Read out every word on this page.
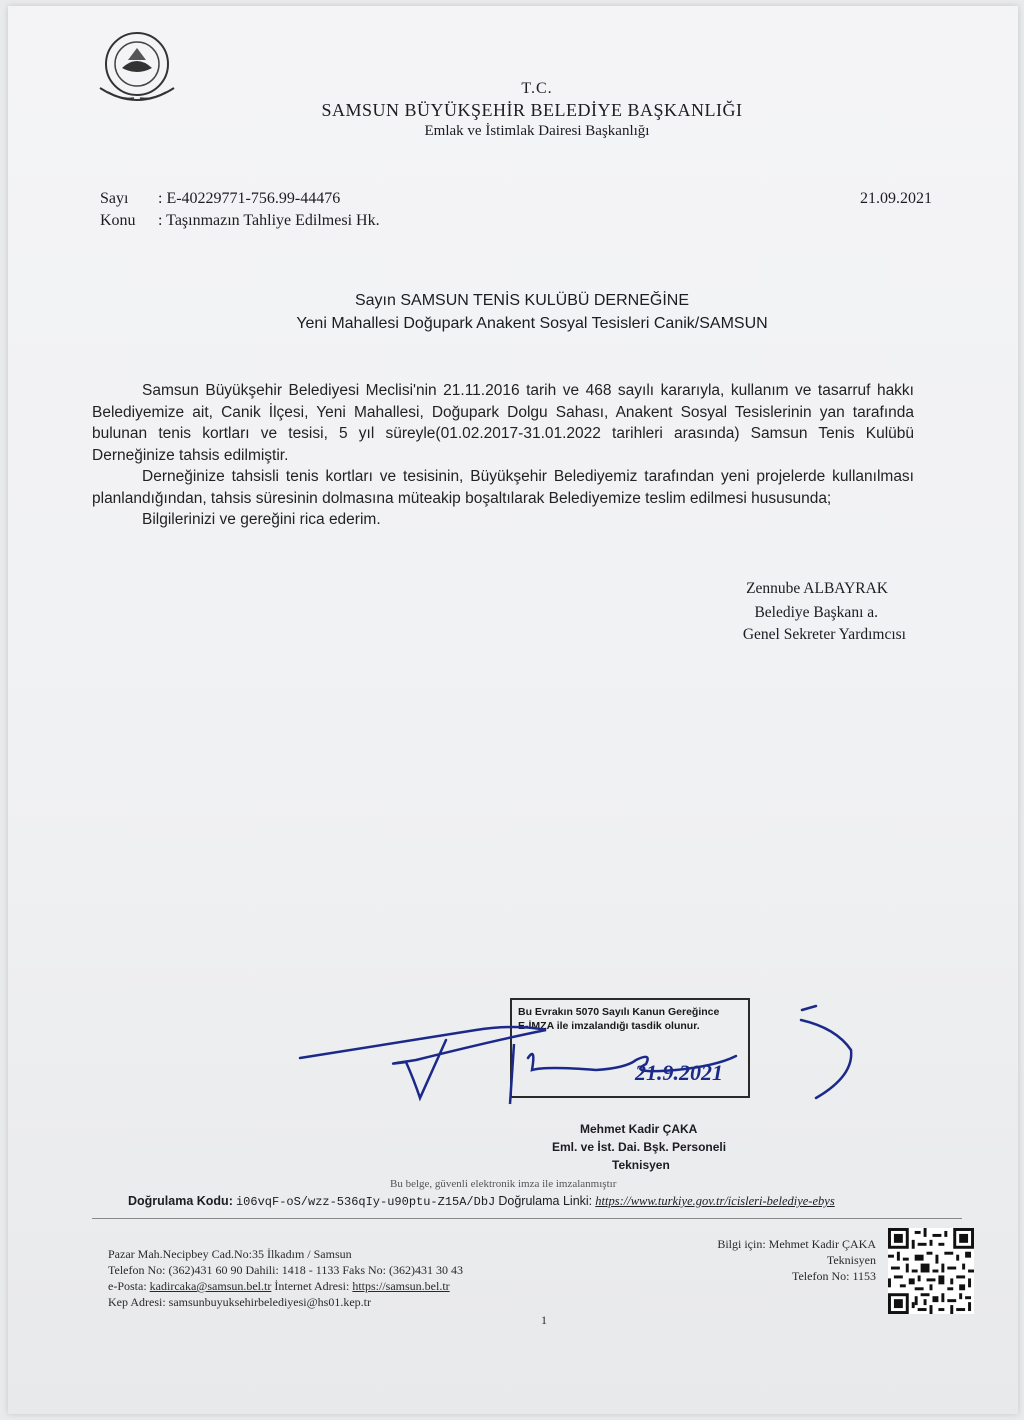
T.C.
SAMSUN BÜYÜKŞEHİR BELEDİYE BAŞKANLIĞI
Emlak ve İstimlak Dairesi Başkanlığı
Sayı : E-40229771-756.99-44476
Konu : Taşınmazın Tahliye Edilmesi Hk.
21.09.2021
Sayın SAMSUN TENİS KULÜBÜ DERNEĞİNE
Yeni Mahallesi Doğupark Anakent Sosyal Tesisleri Canik/SAMSUN

Samsun Büyükşehir Belediyesi Meclisi'nin 21.11.2016 tarih ve 468 sayılı kararıyla, kullanım ve tasarruf hakkı Belediyemize ait, Canik İlçesi, Yeni Mahallesi, Doğupark Dolgu Sahası, Anakent Sosyal Tesislerinin yan tarafında bulunan tenis kortları ve tesisi, 5 yıl süreyle(01.02.2017-31.01.2022 tarihleri arasında) Samsun Tenis Kulübü Derneğinize tahsis edilmiştir.

Derneğinize tahsisli tenis kortları ve tesisinin, Büyükşehir Belediyemiz tarafından yeni projelerde kullanılması planlandığından, tahsis süresinin dolmasına müteakip boşaltılarak Belediyemize teslim edilmesi hususunda;

Bilgilerinizi ve gereğini rica ederim.

Zennube ALBAYRAK
Belediye Başkanı a.
Genel Sekreter Yardımcısı
Bu Evrakın 5070 Sayılı Kanun Gereğince
E-İMZA ile imzalandığı tasdik olunur.
21.9.2021
Mehmet Kadir ÇAKA
Eml. ve İst. Dai. Bşk. Personeli
Teknisyen
Bu belge, güvenli elektronik imza ile imzalanmıştır
Doğrulama Kodu: i06vqF-oS/wzz-536qIy-u90ptu-Z15A/DbJ Doğrulama Linki: https://www.turkiye.gov.tr/icisleri-belediye-ebys
Pazar Mah.Necipbey Cad.No:35 İlkadım / Samsun
Telefon No: (362)431 60 90 Dahili: 1418 - 1133 Faks No: (362)431 30 43
e-Posta: kadircaka@samsun.bel.tr İnternet Adresi: https://samsun.bel.tr
Kep Adresi: samsunbuyuksehirbelediyesi@hs01.kep.tr
1
Bilgi için: Mehmet Kadir ÇAKA
Teknisyen
Telefon No: 1153
